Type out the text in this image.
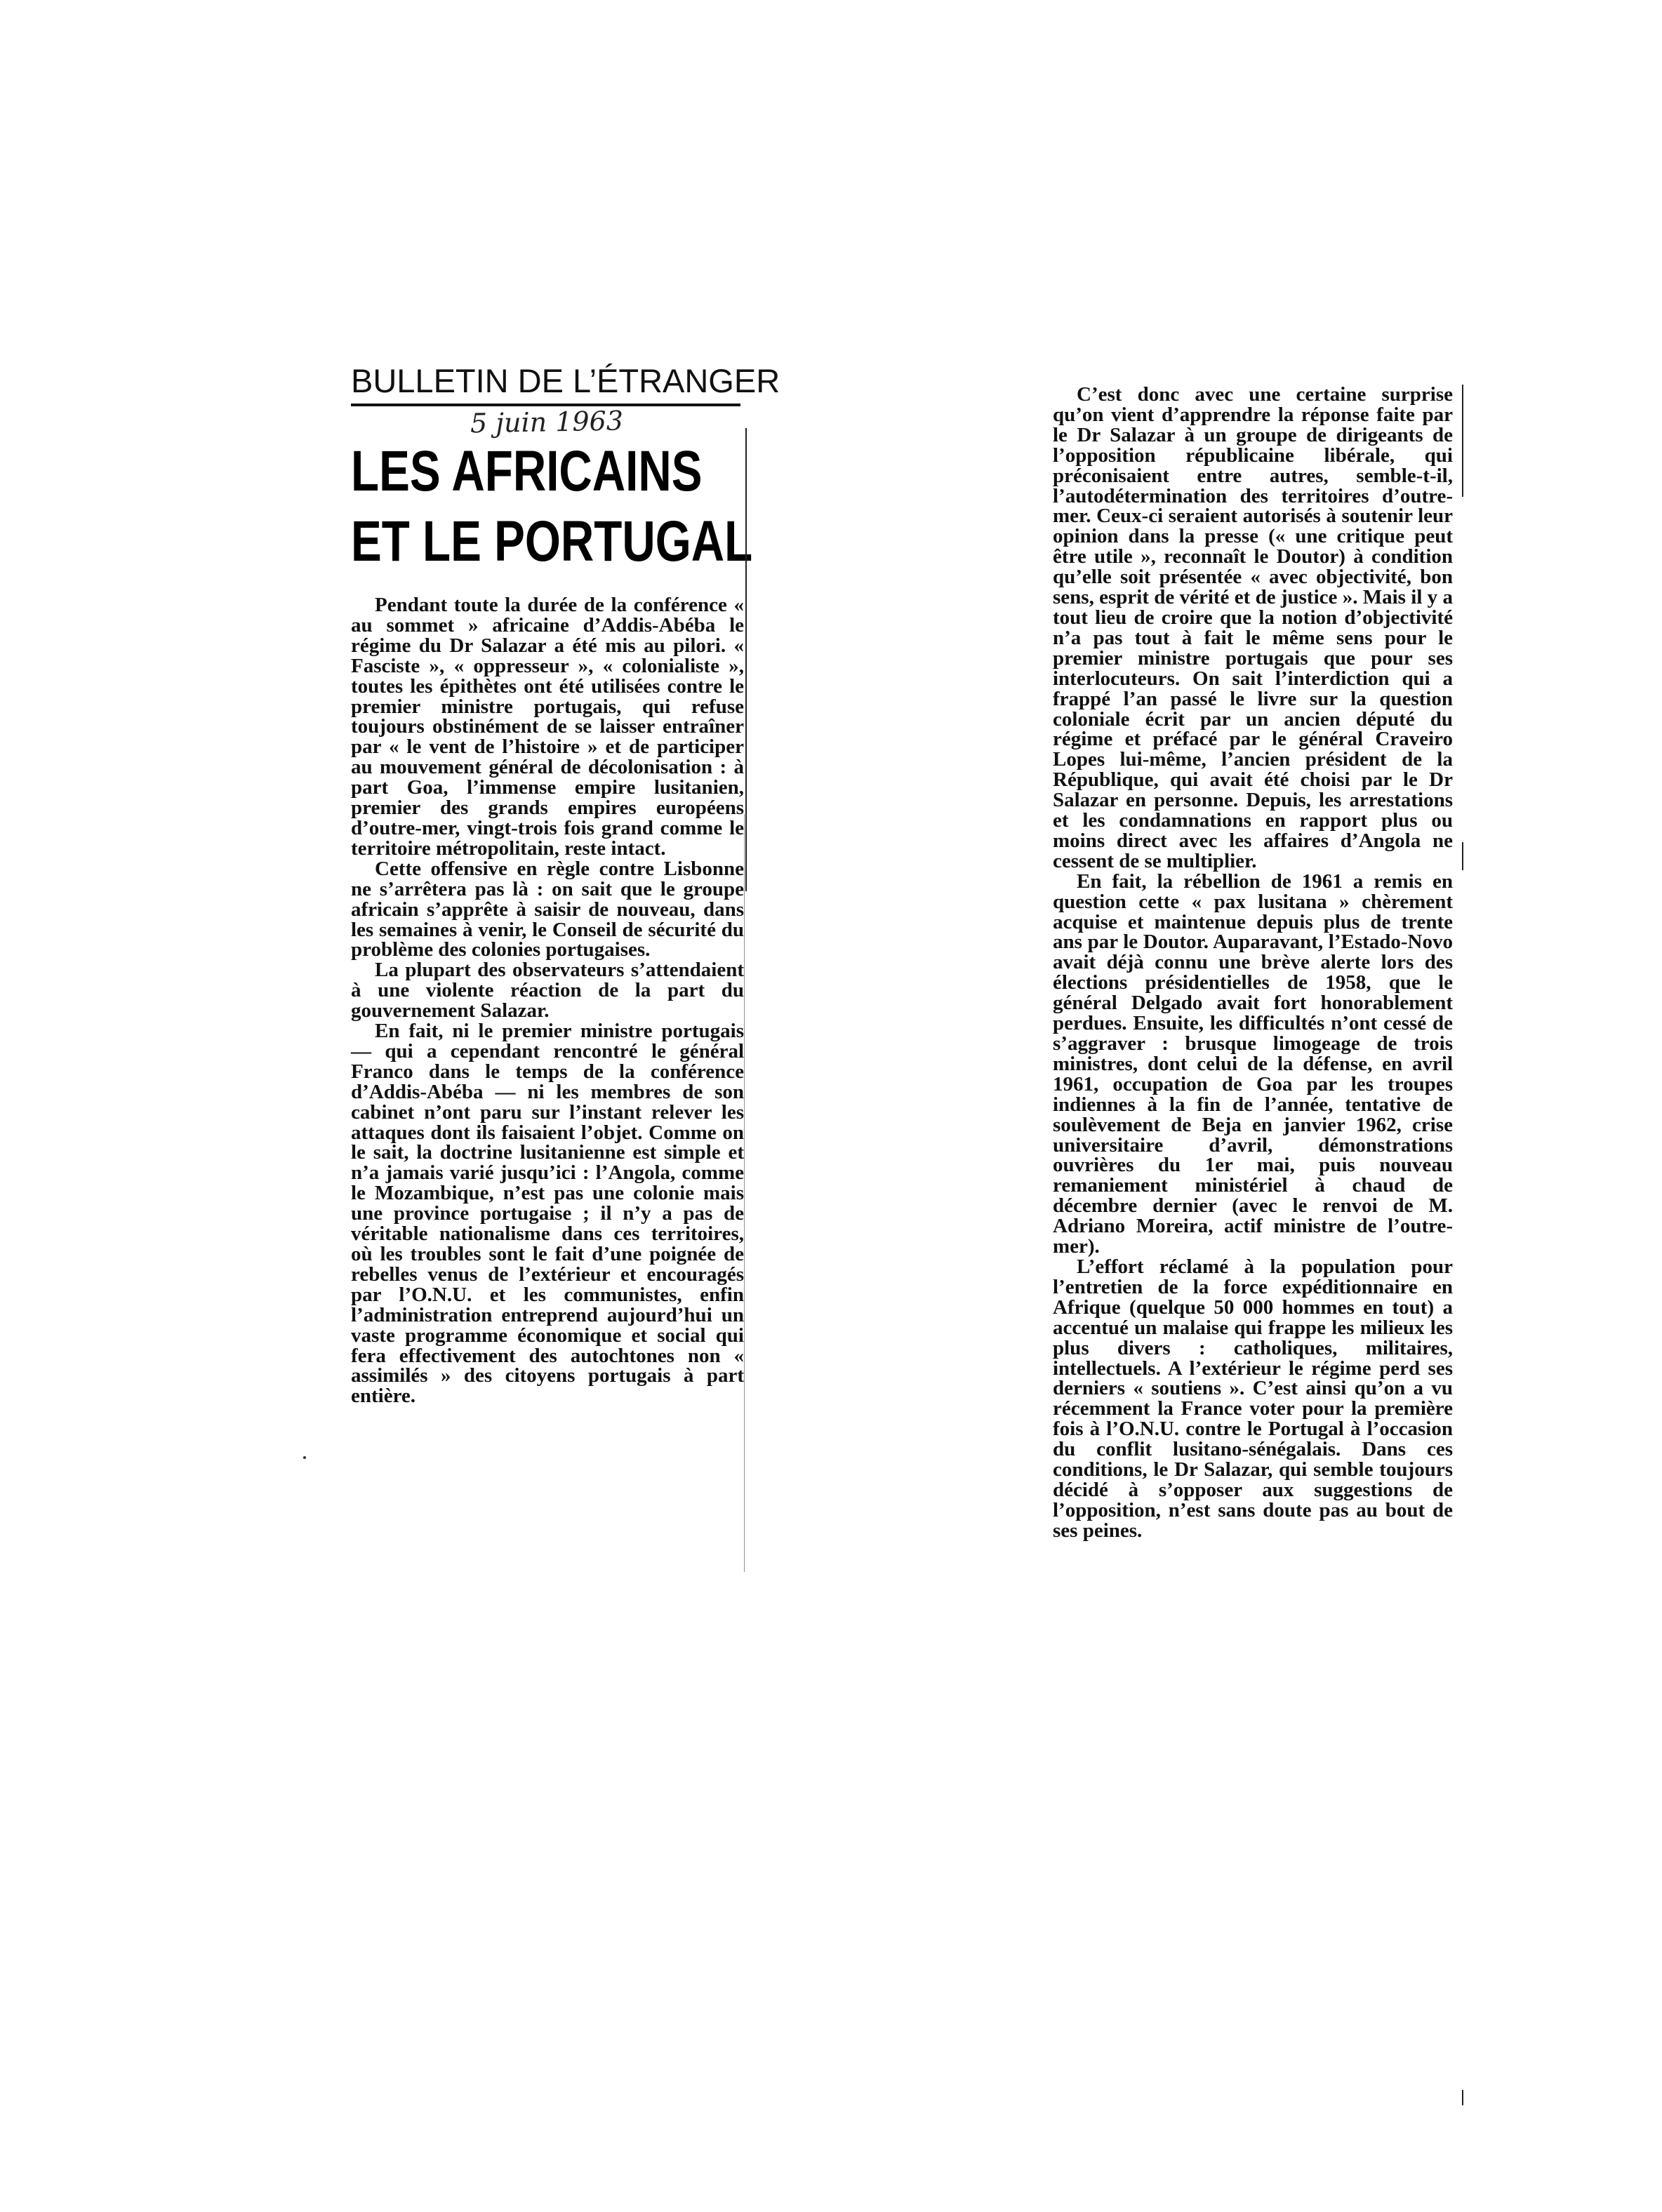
BULLETIN DE L’ÉTRANGER
5 juin 1963
LES AFRICAINS
ET LE PORTUGAL

Pendant toute la durée de la conférence « au sommet » africaine d’Addis-Abéba le régime du Dr Salazar a été mis au pilori. « Fasciste », « oppresseur », « colonialiste », toutes les épithètes ont été utilisées contre le premier ministre portugais, qui refuse toujours obstinément de se laisser entraîner par « le vent de l’histoire » et de participer au mouvement général de décolonisation : à part Goa, l’immense empire lusitanien, premier des grands empires européens d’outre-mer, vingt-trois fois grand comme le territoire métropolitain, reste intact.

Cette offensive en règle contre Lisbonne ne s’arrêtera pas là : on sait que le groupe africain s’apprête à saisir de nouveau, dans les semaines à venir, le Conseil de sécurité du problème des colonies portugaises.

La plupart des observateurs s’attendaient à une violente réaction de la part du gouvernement Salazar.

En fait, ni le premier ministre portugais — qui a cependant rencontré le général Franco dans le temps de la conférence d’Addis-Abéba — ni les membres de son cabinet n’ont paru sur l’instant relever les attaques dont ils faisaient l’objet. Comme on le sait, la doctrine lusitanienne est simple et n’a jamais varié jusqu’ici : l’Angola, comme le Mozambique, n’est pas une colonie mais une province portugaise ; il n’y a pas de véritable nationalisme dans ces territoires, où les troubles sont le fait d’une poignée de rebelles venus de l’extérieur et encouragés par l’O.N.U. et les communistes, enfin l’administration entreprend aujourd’hui un vaste programme économique et social qui fera effectivement des autochtones non « assimilés » des citoyens portugais à part entière.

C’est donc avec une certaine surprise qu’on vient d’apprendre la réponse faite par le Dr Salazar à un groupe de dirigeants de l’opposition républicaine libérale, qui préconisaient entre autres, semble-t-il, l’autodétermination des territoires d’outre-mer. Ceux-ci seraient autorisés à soutenir leur opinion dans la presse (« une critique peut être utile », reconnaît le Doutor) à condition qu’elle soit présentée « avec objectivité, bon sens, esprit de vérité et de justice ». Mais il y a tout lieu de croire que la notion d’objectivité n’a pas tout à fait le même sens pour le premier ministre portugais que pour ses interlocuteurs. On sait l’interdiction qui a frappé l’an passé le livre sur la question coloniale écrit par un ancien député du régime et préfacé par le général Craveiro Lopes lui-même, l’ancien président de la République, qui avait été choisi par le Dr Salazar en personne. Depuis, les arrestations et les condamnations en rapport plus ou moins direct avec les affaires d’Angola ne cessent de se multiplier.

En fait, la rébellion de 1961 a remis en question cette « pax lusitana » chèrement acquise et maintenue depuis plus de trente ans par le Doutor. Auparavant, l’Estado-Novo avait déjà connu une brève alerte lors des élections présidentielles de 1958, que le général Delgado avait fort honorablement perdues. Ensuite, les difficultés n’ont cessé de s’aggraver : brusque limogeage de trois ministres, dont celui de la défense, en avril 1961, occupation de Goa par les troupes indiennes à la fin de l’année, tentative de soulèvement de Beja en janvier 1962, crise universitaire d’avril, démonstrations ouvrières du 1er mai, puis nouveau remaniement ministériel à chaud de décembre dernier (avec le renvoi de M. Adriano Moreira, actif ministre de l’outre-mer).

L’effort réclamé à la population pour l’entretien de la force expéditionnaire en Afrique (quelque 50 000 hommes en tout) a accentué un malaise qui frappe les milieux les plus divers : catholiques, militaires, intellectuels. A l’extérieur le régime perd ses derniers « soutiens ». C’est ainsi qu’on a vu récemment la France voter pour la première fois à l’O.N.U. contre le Portugal à l’occasion du conflit lusitano-sénégalais. Dans ces conditions, le Dr Salazar, qui semble toujours décidé à s’opposer aux suggestions de l’opposition, n’est sans doute pas au bout de ses peines.
